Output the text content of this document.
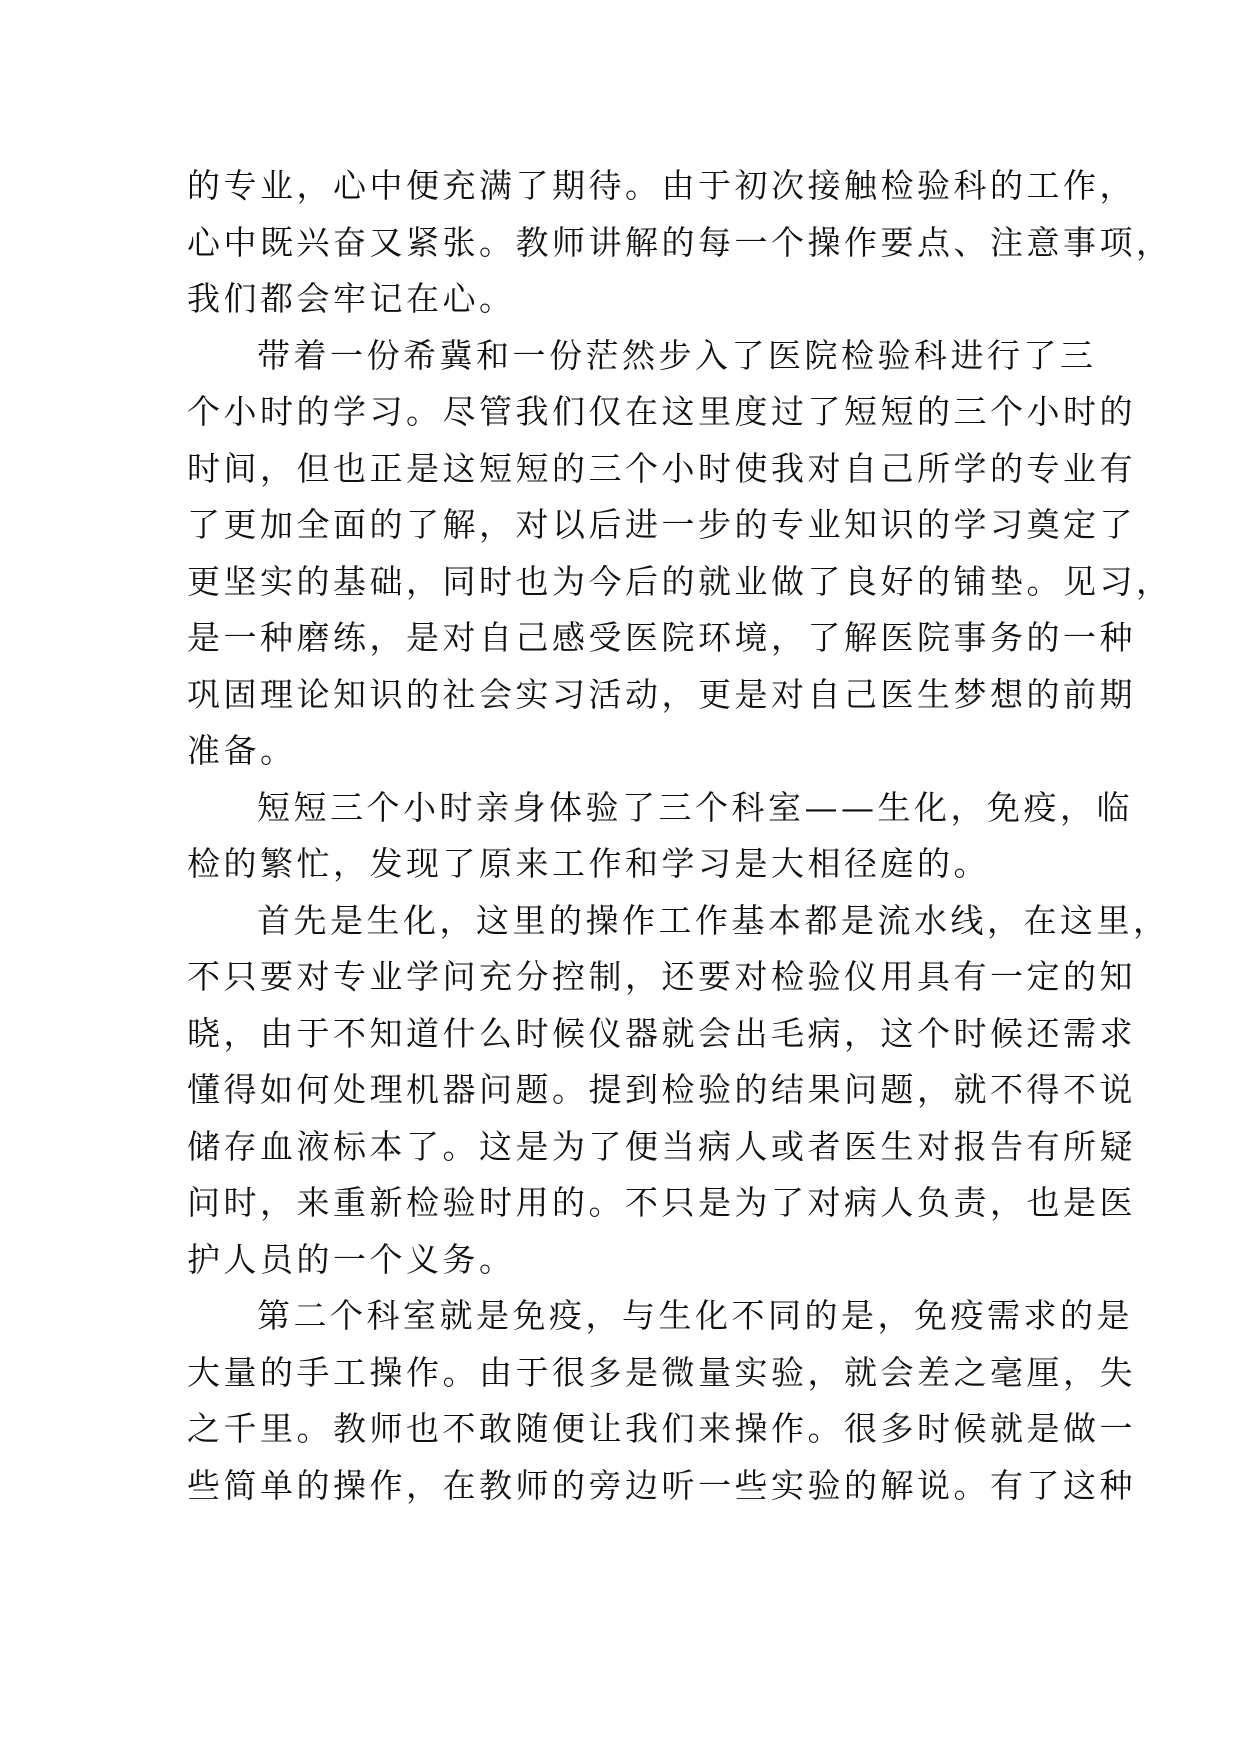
的专业，心中便充满了期待。由于初次接触检验科的工作，
心中既兴奋又紧张。教师讲解的每一个操作要点、注意事项，
我们都会牢记在心。
带着一份希冀和一份茫然步入了医院检验科进行了三
个小时的学习。尽管我们仅在这里度过了短短的三个小时的
时间，但也正是这短短的三个小时使我对自己所学的专业有
了更加全面的了解，对以后进一步的专业知识的学习奠定了
更坚实的基础，同时也为今后的就业做了良好的铺垫。见习，
是一种磨练，是对自己感受医院环境，了解医院事务的一种
巩固理论知识的社会实习活动，更是对自己医生梦想的前期
准备。
短短三个小时亲身体验了三个科室——生化，免疫，临
检的繁忙，发现了原来工作和学习是大相径庭的。
首先是生化，这里的操作工作基本都是流水线，在这里，
不只要对专业学问充分控制，还要对检验仪用具有一定的知
晓，由于不知道什么时候仪器就会出毛病，这个时候还需求
懂得如何处理机器问题。提到检验的结果问题，就不得不说
储存血液标本了。这是为了便当病人或者医生对报告有所疑
问时，来重新检验时用的。不只是为了对病人负责，也是医
护人员的一个义务。
第二个科室就是免疫，与生化不同的是，免疫需求的是
大量的手工操作。由于很多是微量实验，就会差之毫厘，失
之千里。教师也不敢随便让我们来操作。很多时候就是做一
些简单的操作，在教师的旁边听一些实验的解说。有了这种
